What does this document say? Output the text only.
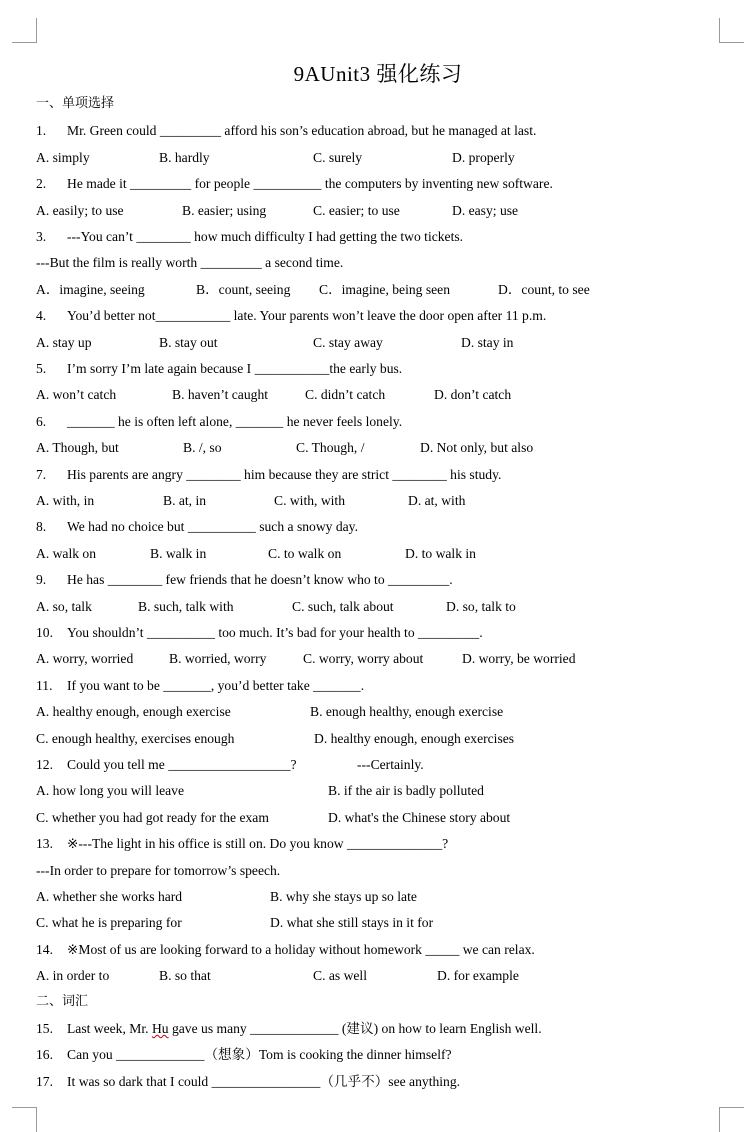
9AUnit3 强化练习
一、单项选择
1. Mr. Green could _________ afford his son’s education abroad, but he managed at last.
A. simply	B. hardly	C. surely	D. properly
2. He made it _________ for people __________ the computers by inventing new software.
A. easily; to use	B. easier; using	C. easier; to use	D. easy; use
3. ---You can’t ________ how much difficulty I had getting the two tickets.
---But the film is really worth _________ a second time.
A．imagine, seeing	B．count, seeing C．imagine, being seen	D．count, to see
4. You’d better not___________ late. Your parents won’t leave the door open after 11 p.m.
A. stay up	B. stay out	C. stay away	D. stay in
5. I’m sorry I’m late again because I ___________the early bus.
A. won’t catch	B. haven’t caught	C. didn’t catch	D. don’t catch
6. _______ he is often left alone, _______ he never feels lonely.
A. Though, but	B. /, so	C. Though, /	D. Not only, but also
7. His parents are angry ________ him because they are strict ________ his study.
A. with, in	B. at, in	C. with, with	D. at, with
8. We had no choice but __________ such a snowy day.
A. walk on	B. walk in	C. to walk on	D. to walk in
9. He has ________ few friends that he doesn’t know who to _________.
A. so, talk	B. such, talk with	C. such, talk about	D. so, talk to
10. You shouldn’t __________ too much. It’s bad for your health to _________.
A. worry, worried	B. worried, worry	C. worry, worry about	D. worry, be worried
11. If you want to be _______, you’d better take _______.
A. healthy enough, enough exercise	B. enough healthy, enough exercise
C. enough healthy, exercises enough	D. healthy enough, enough exercises
12. Could you tell me __________________?	---Certainly.
A. how long you will leave	B. if the air is badly polluted
C. whether you had got ready for the exam	D. what's the Chinese story about
13. ※---The light in his office is still on. Do you know ______________?
---In order to prepare for tomorrow’s speech.
A. whether she works hard	B. why she stays up so late
C. what he is preparing for	D. what she still stays in it for
14. ※Most of us are looking forward to a holiday without homework _____ we can relax.
A. in order to	B. so that	C. as well	D. for example
二、词汇
15. Last week, Mr. Hu gave us many _____________ (建议) on how to learn English well.
16. Can you _____________（想象）Tom is cooking the dinner himself?
17. It was so dark that I could ________________（几乎不）see anything.
